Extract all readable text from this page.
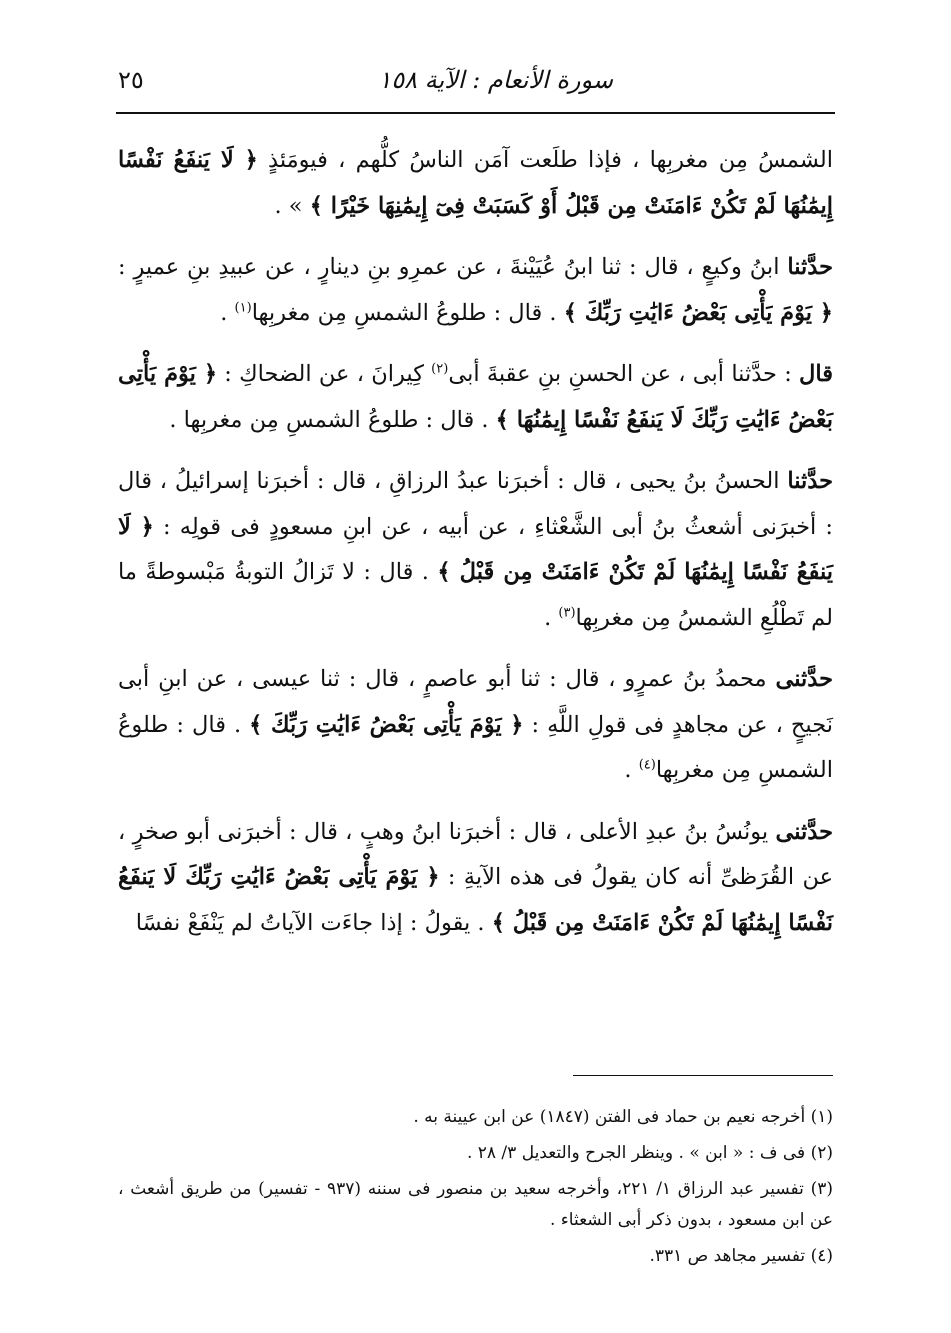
سورة الأنعام : الآية ١٥٨
٢٥

الشمسُ مِن مغربِها ، فإذا طلَعت آمَن الناسُ كلُّهم ، فيومَئذٍ ﴿ لَا يَنفَعُ نَفْسًا إِيمَٰنُهَا لَمْ تَكُنْ ءَامَنَتْ مِن قَبْلُ أَوْ كَسَبَتْ فِىٓ إِيمَٰنِهَا خَيْرًا ﴾ » .

حدَّثنا ابنُ وكيعٍ ، قال : ثنا ابنُ عُيَيْنةَ ، عن عمرِو بنِ دينارٍ ، عن عبيدِ بنِ عميرٍ : ﴿ يَوْمَ يَأْتِى بَعْضُ ءَايَٰتِ رَبِّكَ ﴾ . قال : طلوعُ الشمسِ مِن مغربِها$^{(١)}$ .

قال : حدَّثنا أبى ، عن الحسنِ بنِ عقبةَ أبى$^{(٢)}$ كِيرانَ ، عن الضحاكِ : ﴿ يَوْمَ يَأْتِى بَعْضُ ءَايَٰتِ رَبِّكَ لَا يَنفَعُ نَفْسًا إِيمَٰنُهَا ﴾ . قال : طلوعُ الشمسِ مِن مغربِها .

حدَّثنا الحسنُ بنُ يحيى ، قال : أخبرَنا عبدُ الرزاقِ ، قال : أخبرَنا إسرائيلُ ، قال : أخبرَنى أشعثُ بنُ أبى الشَّعْثاءِ ، عن أبيه ، عن ابنِ مسعودٍ فى قولِه : ﴿ لَا يَنفَعُ نَفْسًا إِيمَٰنُهَا لَمْ تَكُنْ ءَامَنَتْ مِن قَبْلُ ﴾ . قال : لا تَزالُ التوبةُ مَبْسوطةً ما لم تَطْلُعِ الشمسُ مِن مغربِها$^{(٣)}$ .

حدَّثنى محمدُ بنُ عمرٍو ، قال : ثنا أبو عاصمٍ ، قال : ثنا عيسى ، عن ابنِ أبى نَجيحٍ ، عن مجاهدٍ فى قولِ اللَّهِ : ﴿ يَوْمَ يَأْتِى بَعْضُ ءَايَٰتِ رَبِّكَ ﴾ . قال : طلوعُ الشمسِ مِن مغربِها$^{(٤)}$ .

حدَّثنى يونُسُ بنُ عبدِ الأعلى ، قال : أخبرَنا ابنُ وهبٍ ، قال : أخبرَنى أبو صخرٍ ، عن القُرَظىِّ أنه كان يقولُ فى هذه الآيةِ : ﴿ يَوْمَ يَأْتِى بَعْضُ ءَايَٰتِ رَبِّكَ لَا يَنفَعُ نَفْسًا إِيمَٰنُهَا لَمْ تَكُنْ ءَامَنَتْ مِن قَبْلُ ﴾ . يقولُ : إذا جاءَت الآياتُ لم يَنْفَعْ نفسًا

(١) أخرجه نعيم بن حماد فى الفتن (١٨٤٧) عن ابن عيينة به .
(٢) فى ف : « ابن » . وينظر الجرح والتعديل ٣/ ٢٨ .
(٣) تفسير عبد الرزاق ١/ ٢٢١، وأخرجه سعيد بن منصور فى سننه (٩٣٧ - تفسير) من طريق أشعث ، عن ابن مسعود ، بدون ذكر أبى الشعثاء .
(٤) تفسير مجاهد ص ٣٣١.
